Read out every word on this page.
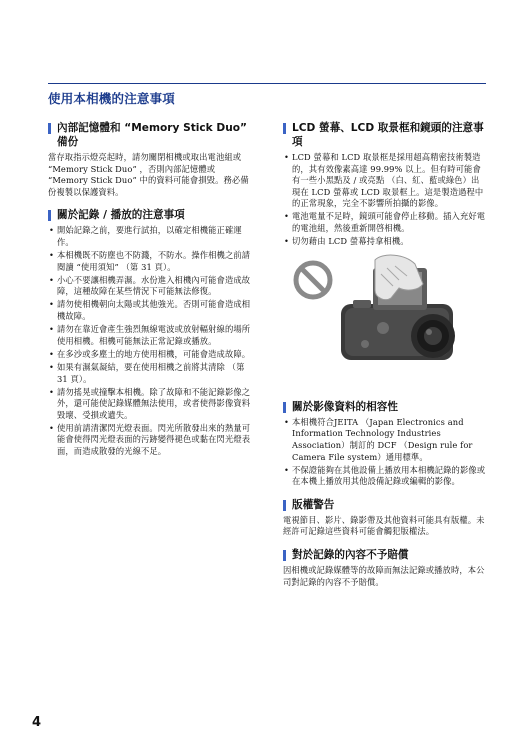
使用本相機的注意事項
內部記憶體和 “Memory Stick Duo”
備份

當存取指示燈亮起時，請勿關閉相機或取出電池組或 “Memory Stick Duo” ，否則內部記憶體或 “Memory Stick Duo” 中的資料可能會損毀。務必備份複製以保護資料。

關於記錄 / 播放的注意事項
• 開始記錄之前，要進行試拍，以確定相機能正確運作。
• 本相機既不防塵也不防濺，不防水。操作相機之前請閱讀 “使用須知” （第 31 頁）。
• 小心不要讓相機弄濕。水份進入相機內可能會造成故障，這種故障在某些情況下可能無法修復。
• 請勿使相機朝向太陽或其他強光。否則可能會造成相機故障。
• 請勿在靠近會產生強烈無線電波或放射輻射線的場所使用相機。相機可能無法正常記錄或播放。
• 在多沙或多塵土的地方使用相機，可能會造成故障。
• 如果有濕氣凝結，要在使用相機之前將其清除 （第 31 頁）。
• 請勿搖晃或撞擊本相機。除了故障和不能記錄影像之外，還可能使記錄媒體無法使用，或者使得影像資料毀壞、受損或遺失。
• 使用前請清潔閃光燈表面。閃光所散發出來的熱量可能會使得閃光燈表面的污跡變得褪色或黏在閃光燈表面，而造成散發的光線不足。
LCD 螢幕、LCD 取景框和鏡頭的注意事
項
• LCD 螢幕和 LCD 取景框是採用超高精密技術製造的，其有效像素高達 99.99% 以上。但有時可能會有一些小黑點及 / 或亮點 （白、紅、藍或綠色）出現在 LCD 螢幕或 LCD 取景框上。這是製造過程中的正常現象，完全不影響所拍攝的影像。
• 電池電量不足時，鏡頭可能會停止移動。插入充好電的電池組，然後重新開啓相機。
• 切勿藉由 LCD 螢幕持拿相機。
關於影像資料的相容性
• 本相機符合JEITA （Japan Electronics and Information Technology Industries Association）制訂的 DCF （Design rule for Camera File system）通用標準。
• 不保證能夠在其他設備上播放用本相機記錄的影像或在本機上播放用其他設備記錄或編輯的影像。
版權警告

電視節目、影片、錄影帶及其他資料可能具有版權。未經許可記錄這些資料可能會觸犯版權法。

對於記錄的內容不予賠償

因相機或記錄媒體等的故障而無法記錄或播放時，本公司對記錄的內容不予賠償。

4
